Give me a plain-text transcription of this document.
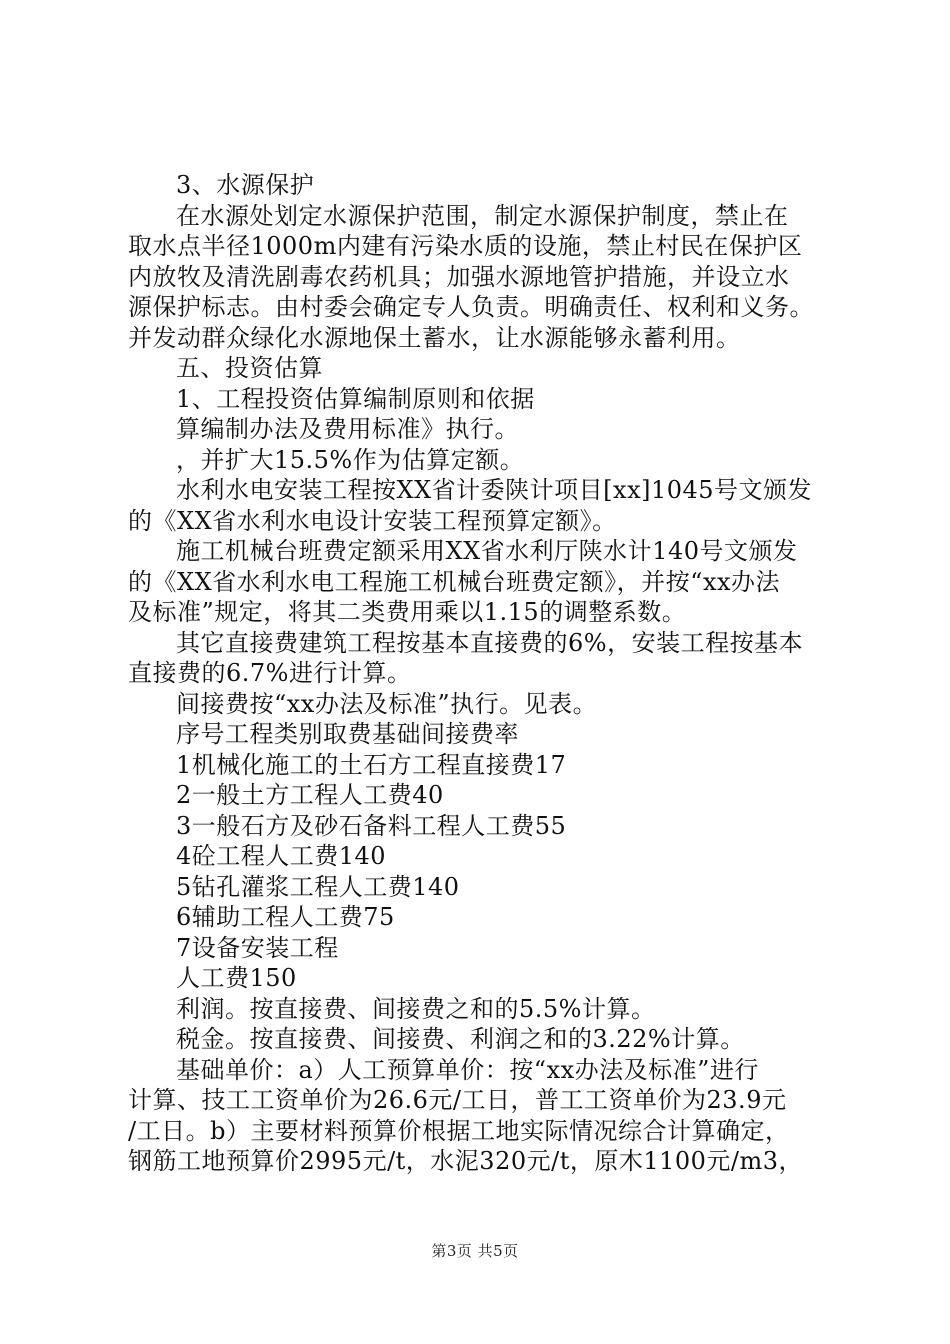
3、水源保护
在水源处划定水源保护范围，制定水源保护制度，禁止在
取水点半径1000m内建有污染水质的设施，禁止村民在保护区
内放牧及清洗剧毒农药机具；加强水源地管护措施，并设立水
源保护标志。由村委会确定专人负责。明确责任、权利和义务。
并发动群众绿化水源地保土蓄水，让水源能够永蓄利用。
五、投资估算
1、工程投资估算编制原则和依据
算编制办法及费用标准》执行。
，并扩大15.5%作为估算定额。
水利水电安装工程按XX省计委陕计项目[xx]1045号文颁发
的《XX省水利水电设计安装工程预算定额》。
施工机械台班费定额采用XX省水利厅陕水计140号文颁发
的《XX省水利水电工程施工机械台班费定额》，并按“xx办法
及标准”规定，将其二类费用乘以1.15的调整系数。
其它直接费建筑工程按基本直接费的6%，安装工程按基本
直接费的6.7%进行计算。
间接费按“xx办法及标准”执行。见表。
序号工程类别取费基础间接费率
1机械化施工的土石方工程直接费17
2一般土方工程人工费40
3一般石方及砂石备料工程人工费55
4砼工程人工费140
5钻孔灌浆工程人工费140
6辅助工程人工费75
7设备安装工程
人工费150
利润。按直接费、间接费之和的5.5%计算。
税金。按直接费、间接费、利润之和的3.22%计算。
基础单价：a）人工预算单价：按“xx办法及标准”进行
计算、技工工资单价为26.6元/工日，普工工资单价为23.9元
/工日。b）主要材料预算价根据工地实际情况综合计算确定，
钢筋工地预算价2995元/t，水泥320元/t，原木1100元/m3，
第3页 共5页
